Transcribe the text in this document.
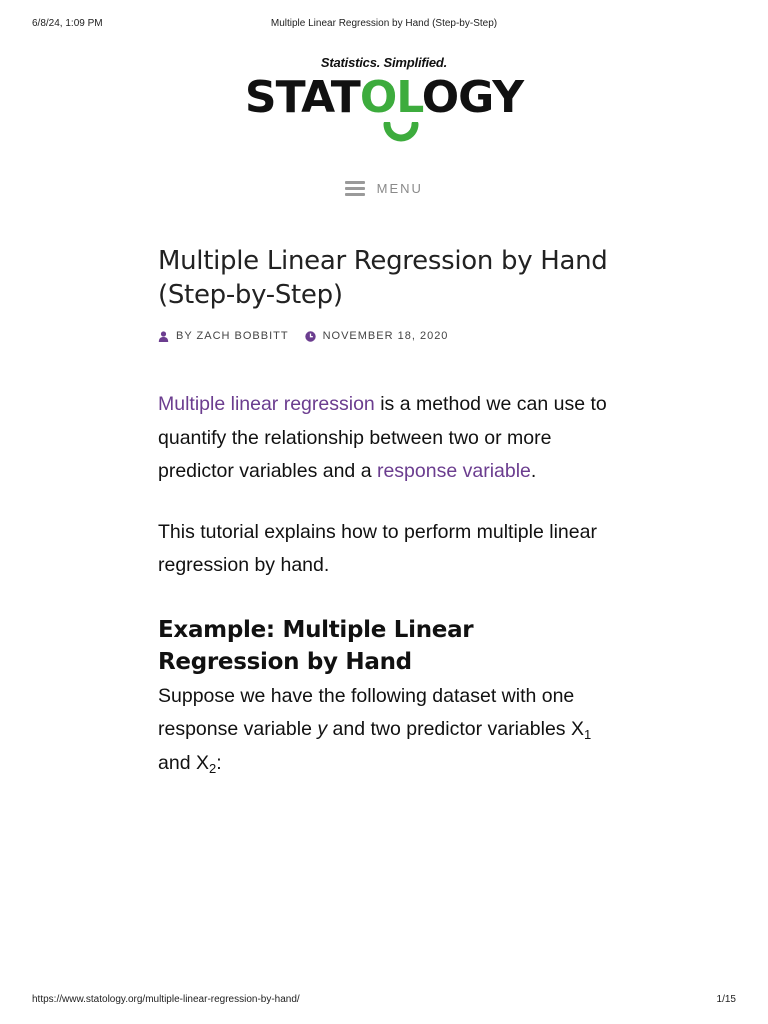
6/8/24, 1:09 PM	Multiple Linear Regression by Hand (Step-by-Step)
Statistics. Simplified.
STATOLOGY
MENU
Multiple Linear Regression by Hand (Step-by-Step)
BY ZACH BOBBITT	NOVEMBER 18, 2020

Multiple linear regression is a method we can use to quantify the relationship between two or more predictor variables and a response variable.

This tutorial explains how to perform multiple linear regression by hand.

Example: Multiple Linear Regression by Hand

Suppose we have the following dataset with one response variable y and two predictor variables $X_1$ and $X_2$:

https://www.statology.org/multiple-linear-regression-by-hand/	1/15
